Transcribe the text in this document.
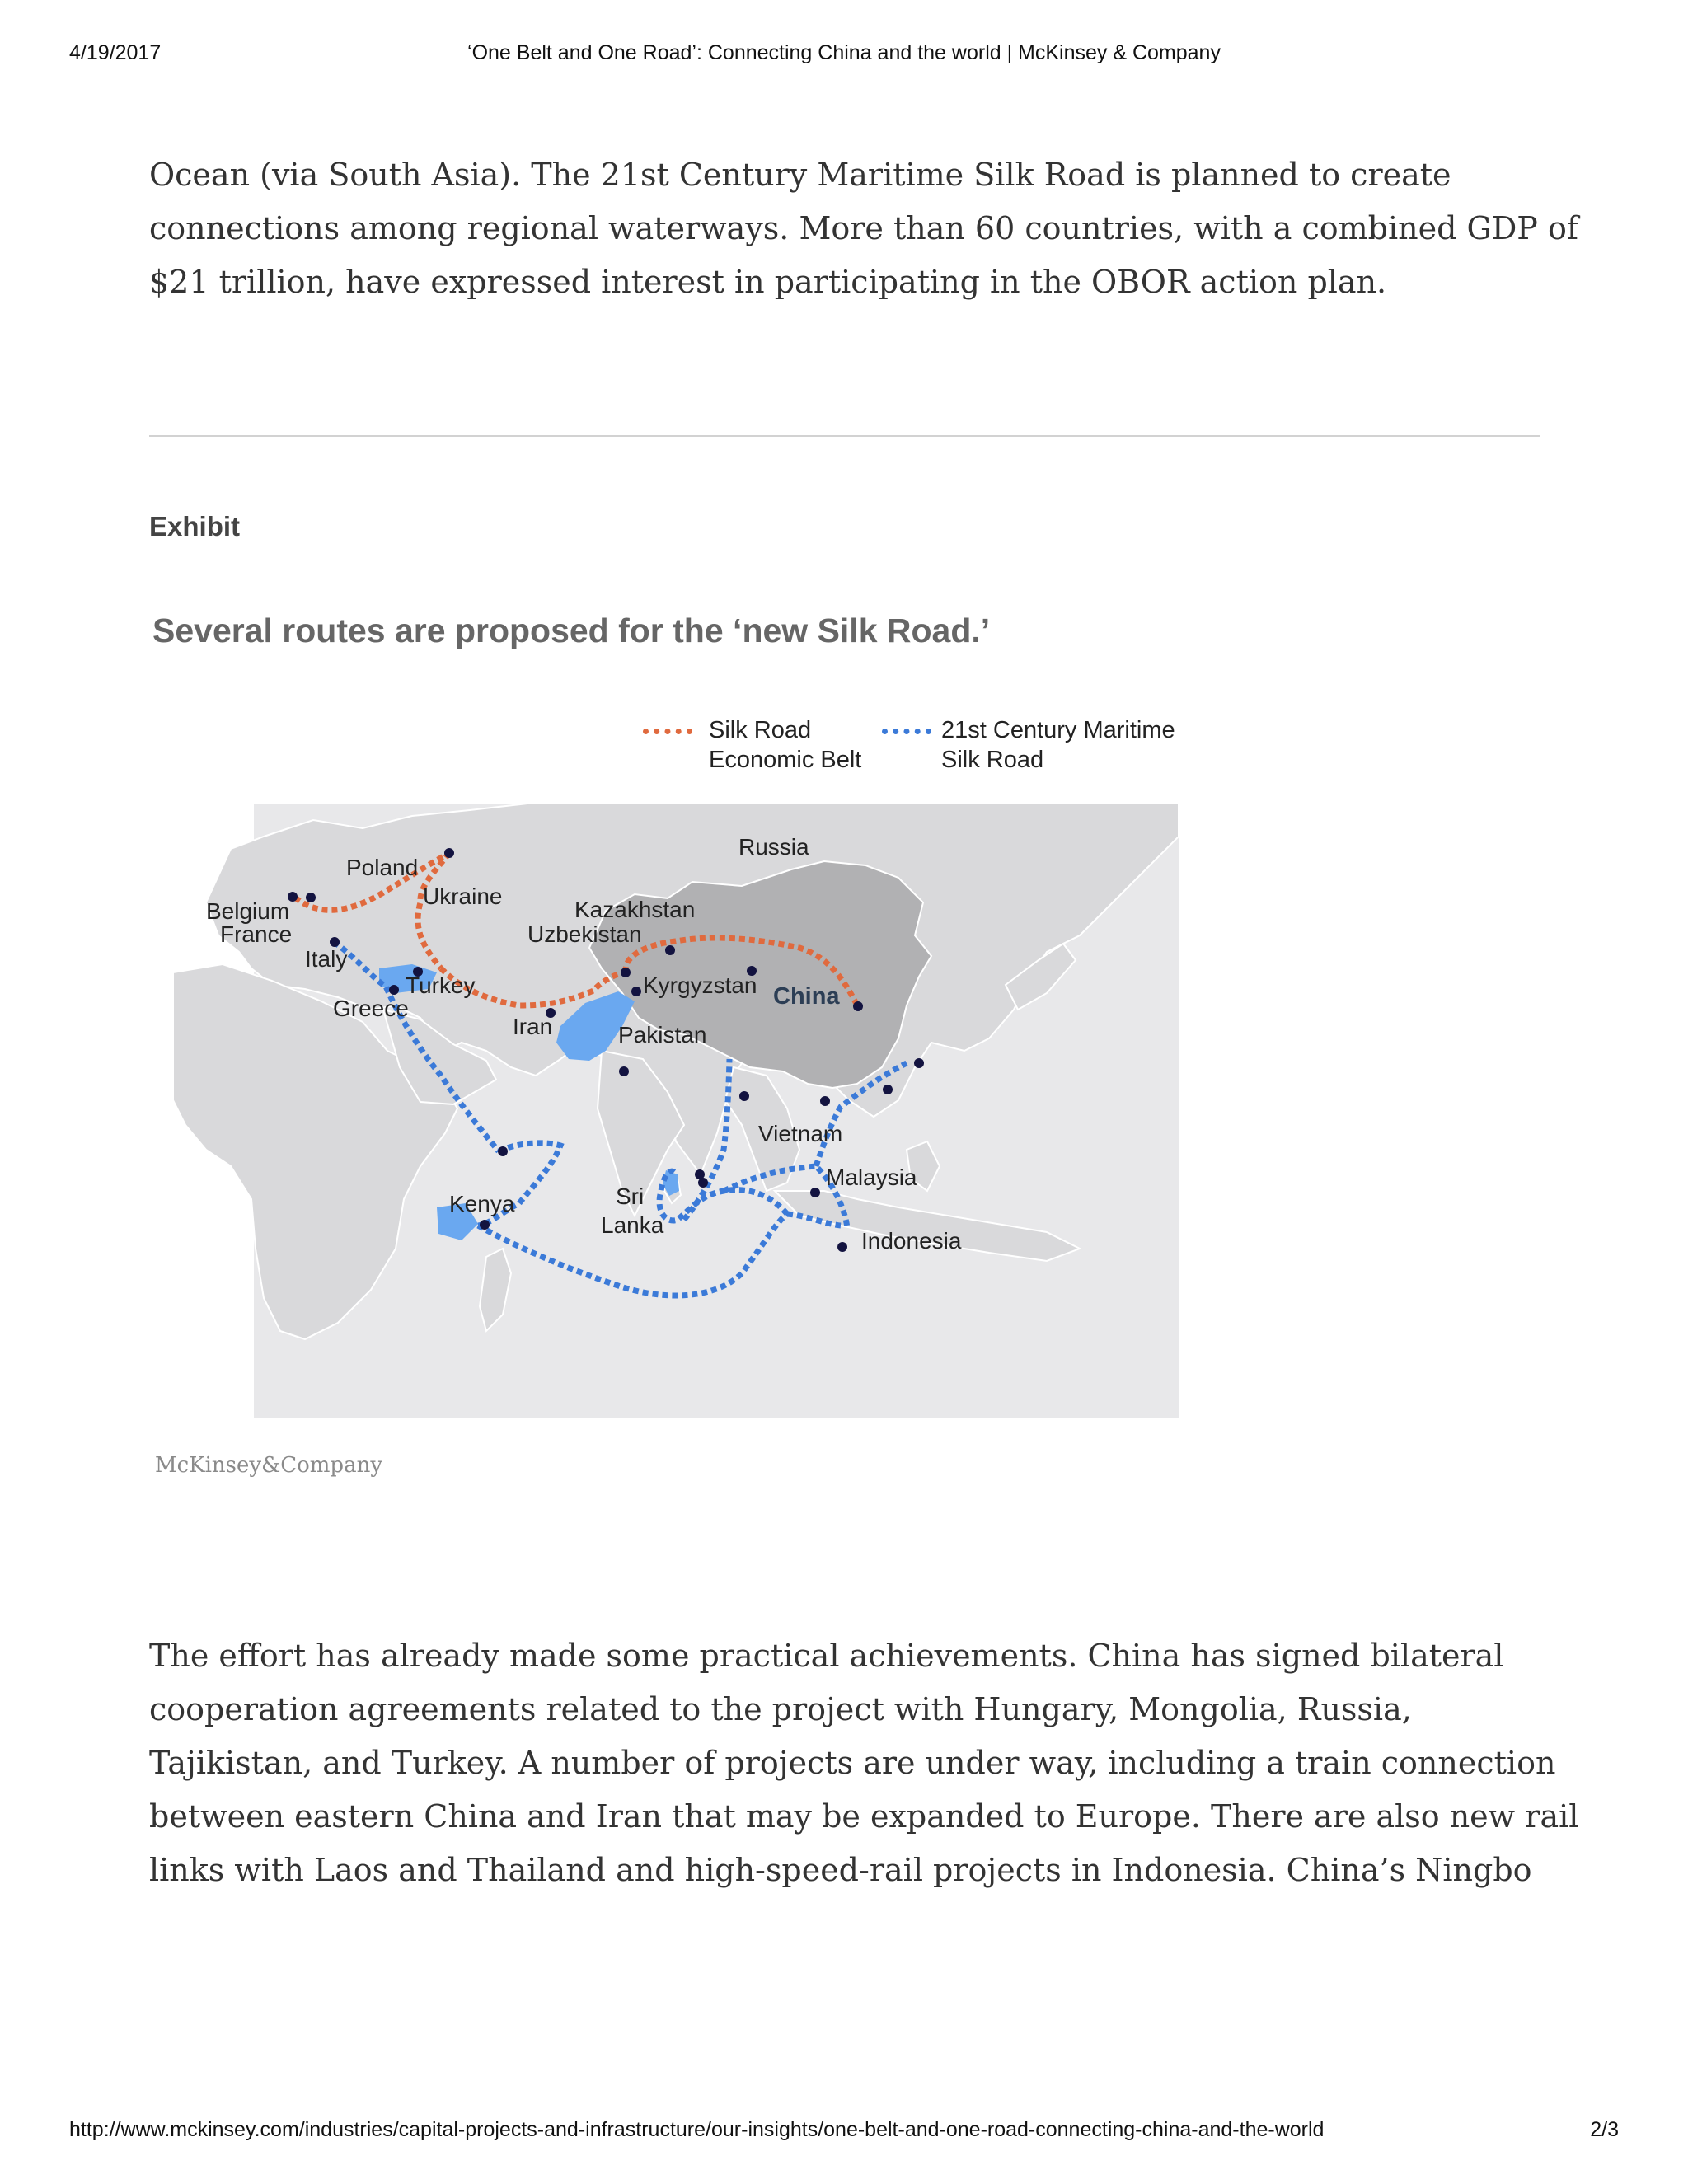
4/19/2017	‘One Belt and One Road’: Connecting China and the world | McKinsey & Company
Ocean (via South Asia). The 21st Century Maritime Silk Road is planned to create
connections among regional waterways. More than 60 countries, with a combined GDP of
$21 trillion, have expressed interest in participating in the OBOR action plan.
Exhibit
Several routes are proposed for the ‘new Silk Road.’
Silk Road
Economic Belt
21st Century Maritime
Silk Road
Russia
Poland
Ukraine
Belgium
France
Italy
Kazakhstan
Uzbekistan
Turkey
Greece
Kyrgyzstan China
Iran	Pakistan
Vietnam
Malaysia
Kenya	Sri
Lanka
Indonesia
McKinsey&Company
The effort has already made some practical achievements. China has signed bilateral
cooperation agreements related to the project with Hungary, Mongolia, Russia,
Tajikistan, and Turkey. A number of projects are under way, including a train connection
between eastern China and Iran that may be expanded to Europe. There are also new rail
links with Laos and Thailand and high-speed-rail projects in Indonesia. China’s Ningbo
http://www.mckinsey.com/industries/capital-projects-and-infrastructure/our-insights/one-belt-and-one-road-connecting-china-and-the-world	2/3
